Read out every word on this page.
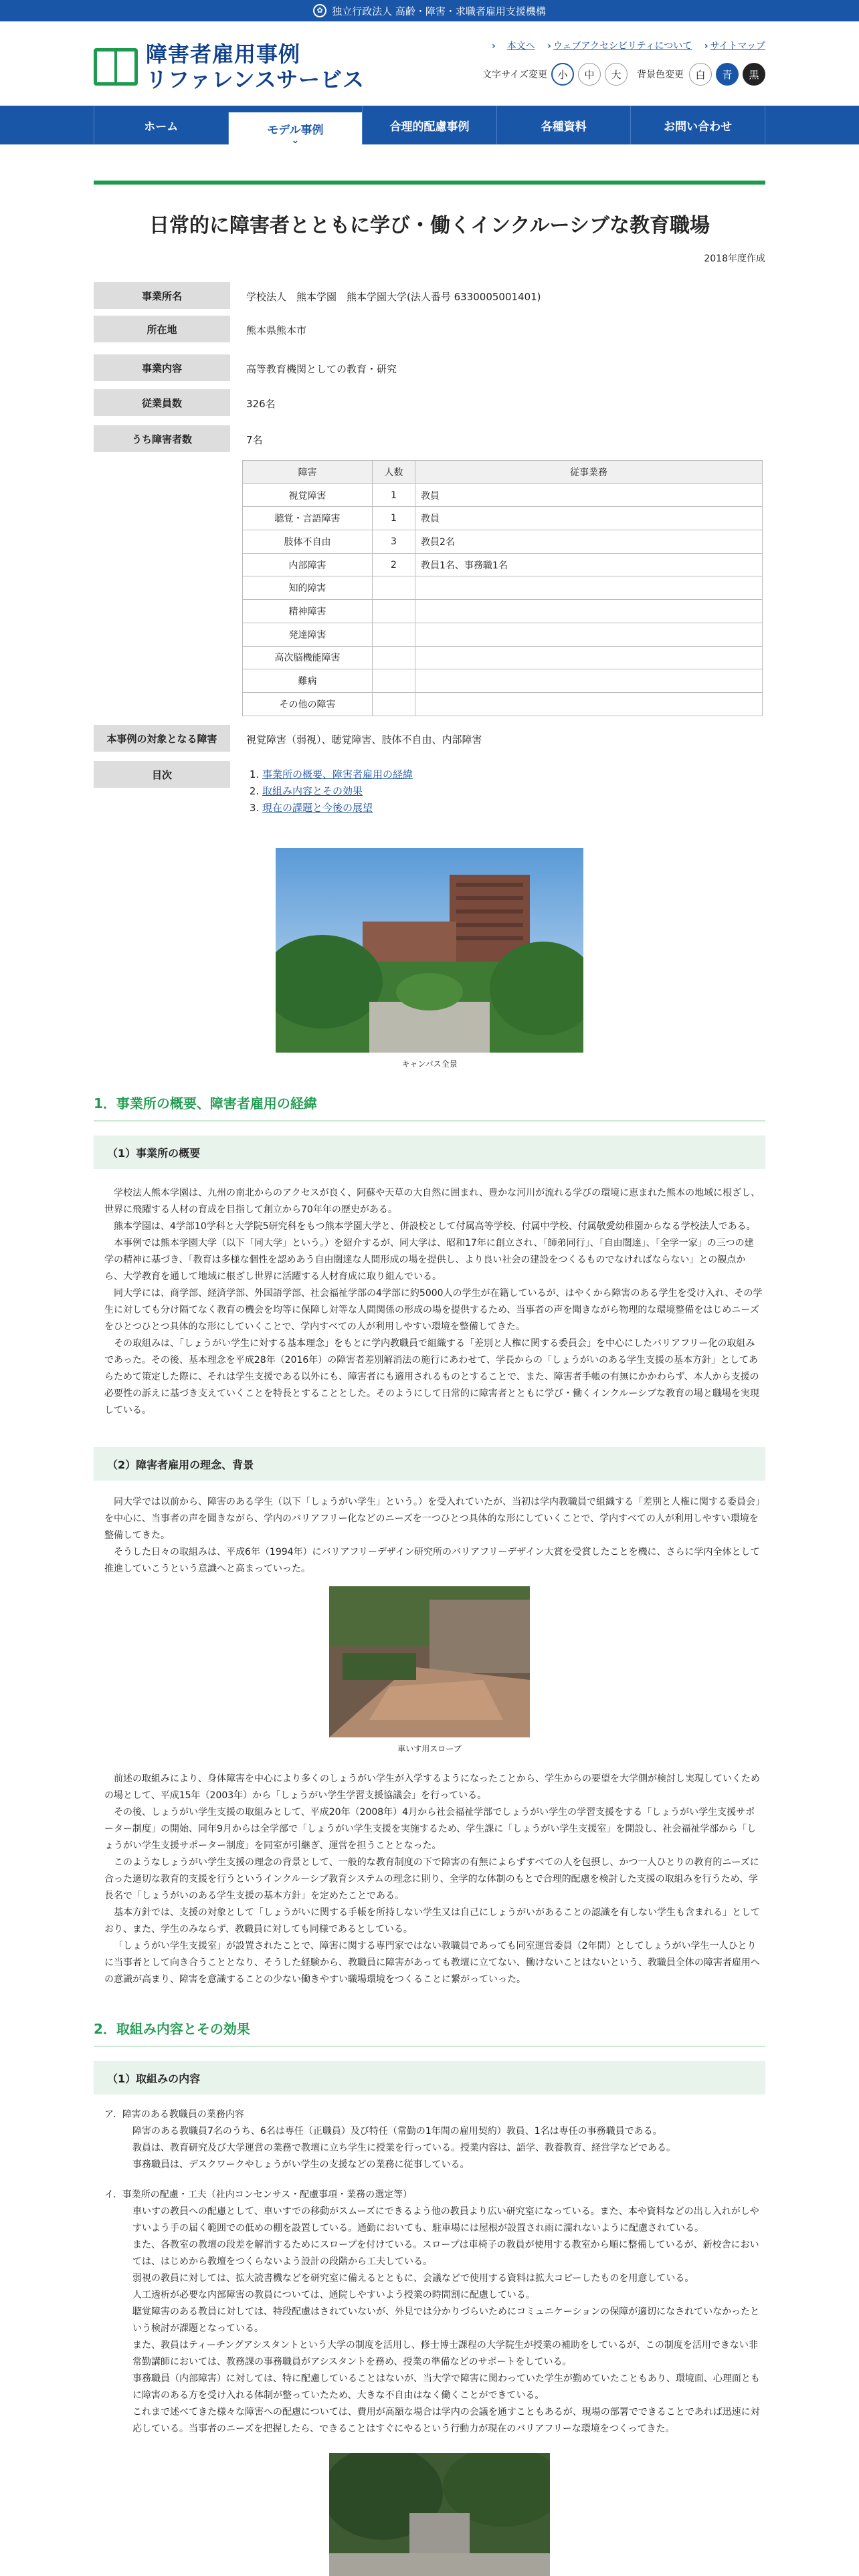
✿ 独立行政法人 高齢・障害・求職者雇用支援機構
障害者雇用事例
リファレンスサービス
› 本文へ › ウェブアクセシビリティについて › サイトマップ
文字サイズ変更	小	中	大	背景色変更	白	青	黒
ホーム	モデル事例 ⌄	合理的配慮事例	各種資料	お問い合わせ
日常的に障害者とともに学び・働くインクルーシブな教育職場
2018年度作成
事業所名	学校法人　熊本学園　熊本学園大学(法人番号 6330005001401)
所在地	熊本県熊本市
事業内容	高等教育機関としての教育・研究
従業員数	326名
うち障害者数	7名
障害	人数	従事業務
視覚障害	1	教員
聴覚・言語障害	1	教員
肢体不自由	3	教員2名
内部障害	2	教員1名、事務職1名
知的障害		
精神障害		
発達障害		
高次脳機能障害		
難病		
その他の障害		
本事例の対象となる障害	視覚障害（弱視）、聴覚障害、肢体不自由、内部障害
目次	1. 事業所の概要、障害者雇用の経緯
2. 取組み内容とその効果
3. 現在の課題と今後の展望
キャンパス全景
1．事業所の概要、障害者雇用の経緯
（1）事業所の概要

学校法人熊本学園は、九州の南北からのアクセスが良く、阿蘇や天草の大自然に囲まれ、豊かな河川が流れる学びの環境に恵まれた熊本の地域に根ざし、世界に飛躍する人材の育成を目指して創立から70年年の歴史がある。

熊本学園は、4学部10学科と大学院5研究科をもつ熊本学園大学と、併設校として付属高等学校、付属中学校、付属敬愛幼稚園からなる学校法人である。

本事例では熊本学園大学（以下「同大学」という。）を紹介するが、同大学は、昭和17年に創立され、「師弟同行」、「自由闊達」、「全学一家」の三つの建学の精神に基づき、「教育は多様な個性を認めあう自由闊達な人間形成の場を提供し、より良い社会の建設をつくるものでなければならない」との観点から、大学教育を通して地域に根ざし世界に活躍する人材育成に取り組んでいる。

同大学には、商学部、経済学部、外国語学部、社会福祉学部の4学部に約5000人の学生が在籍しているが、はやくから障害のある学生を受け入れ、その学生に対しても分け隔てなく教育の機会を均等に保障し対等な人間関係の形成の場を提供するため、当事者の声を聞きながら物理的な環境整備をはじめニーズをひとつひとつ具体的な形にしていくことで、学内すべての人が利用しやすい環境を整備してきた。

その取組みは、「しょうがい学生に対する基本理念」をもとに学内教職員で組織する「差別と人権に関する委員会」を中心にしたバリアフリー化の取組みであった。その後、基本理念を平成28年（2016年）の障害者差別解消法の施行にあわせて、学長からの「しょうがいのある学生支援の基本方針」としてあらためて策定した際に、それは学生支援である以外にも、障害者にも適用されるものとすることで、また、障害者手帳の有無にかかわらず、本人から支援の必要性の訴えに基づき支えていくことを特長とすることとした。そのようにして日常的に障害者とともに学び・働くインクルーシブな教育の場と職場を実現している。

（2）障害者雇用の理念、背景

同大学では以前から、障害のある学生（以下「しょうがい学生」という。）を受入れていたが、当初は学内教職員で組織する「差別と人権に関する委員会」を中心に、当事者の声を聞きながら、学内のバリアフリー化などのニーズを一つひとつ具体的な形にしていくことで、学内すべての人が利用しやすい環境を整備してきた。

そうした日々の取組みは、平成6年（1994年）にバリアフリーデザイン研究所のバリアフリーデザイン大賞を受賞したことを機に、さらに学内全体として推進していこうという意識へと高まっていった。

車いす用スロープ

前述の取組みにより、身体障害を中心により多くのしょうがい学生が入学するようになったことから、学生からの要望を大学側が検討し実現していくための場として、平成15年（2003年）から「しょうがい学生学習支援協議会」を行っている。

その後、しょうがい学生支援の取組みとして、平成20年（2008年）4月から社会福祉学部でしょうがい学生の学習支援をする「しょうがい学生支援サポーター制度」の開始、同年9月からは全学部で「しょうがい学生支援を実施するため、学生課に「しょうがい学生支援室」を開設し、社会福祉学部から「しょうがい学生支援サポーター制度」を同室が引継ぎ、運営を担うこととなった。

このようなしょうがい学生支援の理念の背景として、一般的な教育制度の下で障害の有無によらずすべての人を包摂し、かつ一人ひとりの教育的ニーズに合った適切な教育的支援を行うというインクルーシブ教育システムの理念に則り、全学的な体制のもとで合理的配慮を検討した支援の取組みを行うため、学長名で「しょうがいのある学生支援の基本方針」を定めたことである。

基本方針では、支援の対象として「しょうがいに関する手帳を所持しない学生又は自己にしょうがいがあることの認識を有しない学生も含まれる」としており、また、学生のみならず、教職員に対しても同様であるとしている。

「しょうがい学生支援室」が設置されたことで、障害に関する専門家ではない教職員であっても同室運営委員（2年間）としてしょうがい学生一人ひとりに当事者として向き合うこととなり、そうした経験から、教職員に障害があっても教壇に立てない、働けないことはないという、教職員全体の障害者雇用への意識が高まり、障害を意識することの少ない働きやすい職場環境をつくることに繋がっていった。

2．取組み内容とその効果
（1）取組みの内容
ア．障害のある教職員の業務内容
障害のある教職員7名のうち、6名は専任（正職員）及び特任（常勤の1年間の雇用契約）教員、1名は専任の事務職員である。
教員は、教育研究及び大学運営の業務で教壇に立ち学生に授業を行っている。授業内容は、語学、教養教育、経営学などである。
事務職員は、デスクワークやしょうがい学生の支援などの業務に従事している。
イ．事業所の配慮・工夫（社内コンセンサス・配慮事項・業務の選定等）
車いすの教員への配慮として、車いすでの移動がスムーズにできるよう他の教員より広い研究室になっている。また、本や資料などの出し入れがしやすいよう手の届く範囲での低めの棚を設置している。通勤においても、駐車場には屋根が設置され雨に濡れないように配慮されている。
また、各教室の教壇の段差を解消するためにスロープを付けている。スロープは車椅子の教員が使用する教室から順に整備しているが、新校舎においては、はじめから教壇をつくらないよう設計の段階から工夫している。
弱視の教員に対しては、拡大読書機などを研究室に備えるとともに、会議などで使用する資料は拡大コピーしたものを用意している。
人工透析が必要な内部障害の教員については、通院しやすいよう授業の時間割に配慮している。
聴覚障害のある教員に対しては、特段配慮はされていないが、外見では分かりづらいためにコミュニケーションの保障が適切になされていなかったという検討が課題となっている。
また、教員はティーチングアシスタントという大学の制度を活用し、修士博士課程の大学院生が授業の補助をしているが、この制度を活用できない非常勤講師においては、教務課の事務職員がアシスタントを務め、授業の準備などのサポートをしている。
事務職員（内部障害）に対しては、特に配慮していることはないが、当大学で障害に関わっていた学生が勤めていたこともあり、環境面、心理面ともに障害のある方を受け入れる体制が整っていたため、大きな不自由はなく働くことができている。
これまで述べてきた様々な障害への配慮については、費用が高額な場合は学内の会議を通すこともあるが、現場の部署でできることであれば迅速に対応している。当事者のニーズを把握したら、できることはすぐにやるという行動力が現在のバリアフリーな環境をつくってきた。
